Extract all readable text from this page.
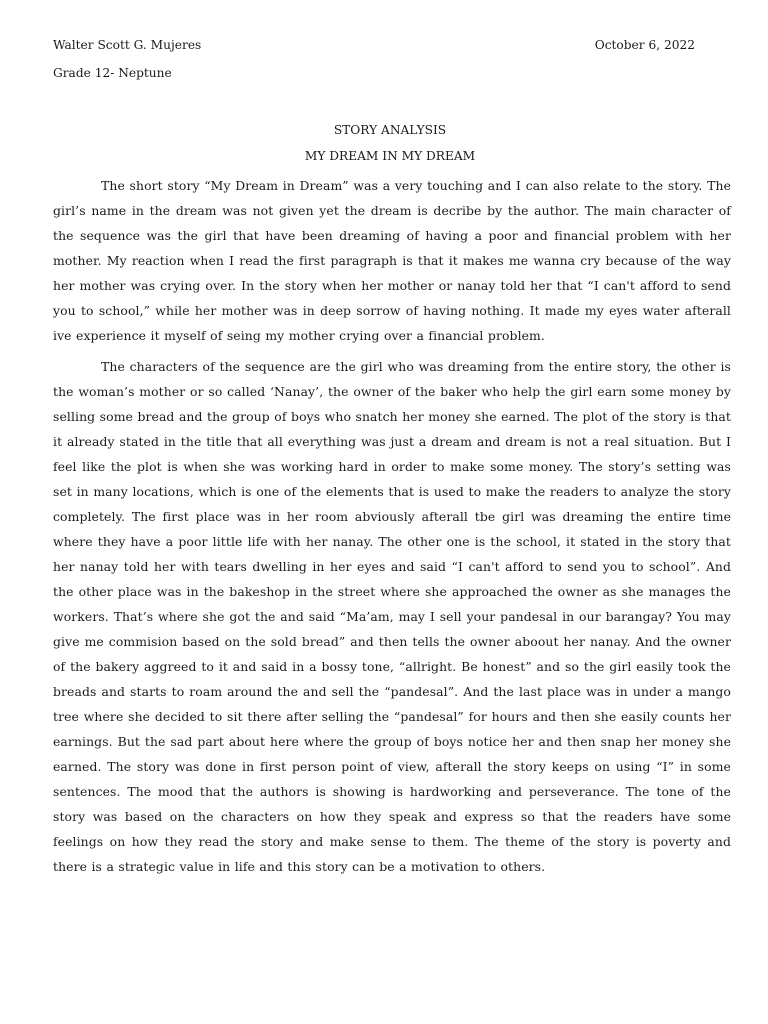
Walter Scott G. Mujeres	October 6, 2022
Grade 12- Neptune
STORY ANALYSIS
MY DREAM IN MY DREAM

The short story “My Dream in Dream” was a very touching and I can also relate to the story. The girl’s name in the dream was not given yet the dream is decribe by the author. The main character of the sequence was the girl that have been dreaming of having a poor and financial problem with her mother. My reaction when I read the first paragraph is that it makes me wanna cry because of the way her mother was crying over. In the story when her mother or nanay told her that “I can't afford to send you to school,” while her mother was in deep sorrow of having nothing. It made my eyes water afterall ive experience it myself of seing my mother crying over a financial problem.

The characters of the sequence are the girl who was dreaming from the entire story, the other is the woman’s mother or so called ‘Nanay’, the owner of the baker who help the girl earn some money by selling some bread and the group of boys who snatch her money she earned. The plot of the story is that it already stated in the title that all everything was just a dream and dream is not a real situation. But I feel like the plot is when she was working hard in order to make some money. The story’s setting was set in many locations, which is one of the elements that is used to make the readers to analyze the story completely. The first place was in her room abviously afterall tbe girl was dreaming the entire time where they have a poor little life with her nanay. The other one is the school, it stated in the story that her nanay told her with tears dwelling in her eyes and said “I can't afford to send you to school”. And the other place was in the bakeshop in the street where she approached the owner as she manages the workers. That’s where she got the and said “Ma’am, may I sell your pandesal in our barangay? You may give me commision based on the sold bread” and then tells the owner aboout her nanay. And the owner of the bakery aggreed to it and said in a bossy tone, “allright. Be honest” and so the girl easily took the breads and starts to roam around the and sell the “pandesal”. And the last place was in under a mango tree where she decided to sit there after selling the “pandesal” for hours and then she easily counts her earnings. But the sad part about here where the group of boys notice her and then snap her money she earned. The story was done in first person point of view, afterall the story keeps on using “I” in some sentences. The mood that the authors is showing is hardworking and perseverance. The tone of the story was based on the characters on how they speak and express so that the readers have some feelings on how they read the story and make sense to them. The theme of the story is poverty and there is a strategic value in life and this story can be a motivation to others.
